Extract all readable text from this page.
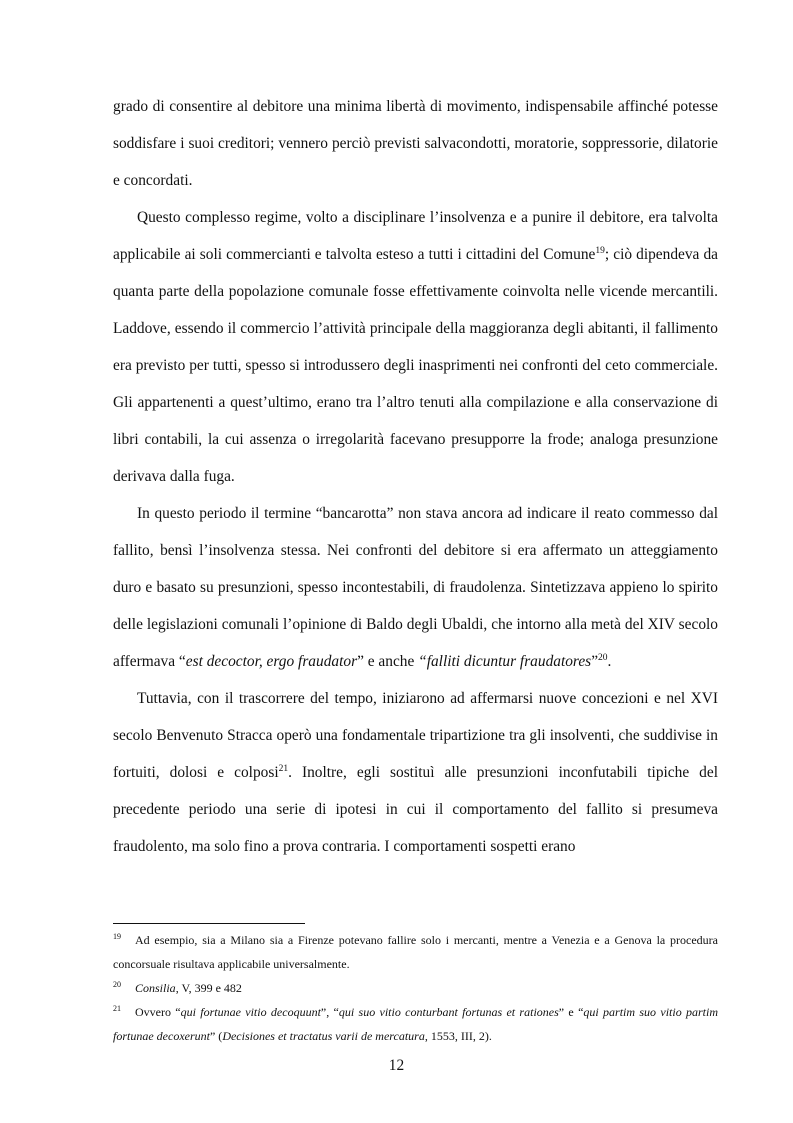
grado di consentire al debitore una minima libertà di movimento, indispensabile affinché potesse soddisfare i suoi creditori; vennero perciò previsti salvacondotti, moratorie, soppressorie, dilatorie e concordati.

Questo complesso regime, volto a disciplinare l’insolvenza e a punire il debitore, era talvolta applicabile ai soli commercianti e talvolta esteso a tutti i cittadini del Comune$^{19}$; ciò dipendeva da quanta parte della popolazione comunale fosse effettivamente coinvolta nelle vicende mercantili. Laddove, essendo il commercio l’attività principale della maggioranza degli abitanti, il fallimento era previsto per tutti, spesso si introdussero degli inasprimenti nei confronti del ceto commerciale. Gli appartenenti a quest’ultimo, erano tra l’altro tenuti alla compilazione e alla conservazione di libri contabili, la cui assenza o irregolarità facevano presupporre la frode; analoga presunzione derivava dalla fuga.

In questo periodo il termine “bancarotta” non stava ancora ad indicare il reato commesso dal fallito, bensì l’insolvenza stessa. Nei confronti del debitore si era affermato un atteggiamento duro e basato su presunzioni, spesso incontestabili, di fraudolenza. Sintetizzava appieno lo spirito delle legislazioni comunali l’opinione di Baldo degli Ubaldi, che intorno alla metà del XIV secolo affermava “est decoctor, ergo fraudator” e anche “falliti dicuntur fraudatores”$^{20}$.

Tuttavia, con il trascorrere del tempo, iniziarono ad affermarsi nuove concezioni e nel XVI secolo Benvenuto Stracca operò una fondamentale tripartizione tra gli insolventi, che suddivise in fortuiti, dolosi e colposi$^{21}$. Inoltre, egli sostituì alle presunzioni inconfutabili tipiche del precedente periodo una serie di ipotesi in cui il comportamento del fallito si presumeva fraudolento, ma solo fino a prova contraria. I comportamenti sospetti erano

$^{19}$ Ad esempio, sia a Milano sia a Firenze potevano fallire solo i mercanti, mentre a Venezia e a Genova la procedura concorsuale risultava applicabile universalmente.

$^{20}$ Consilia, V, 399 e 482

$^{21}$ Ovvero “qui fortunae vitio decoquunt”, “qui suo vitio conturbant fortunas et rationes” e “qui partim suo vitio partim fortunae decoxerunt” (Decisiones et tractatus varii de mercatura, 1553, III, 2).

12
